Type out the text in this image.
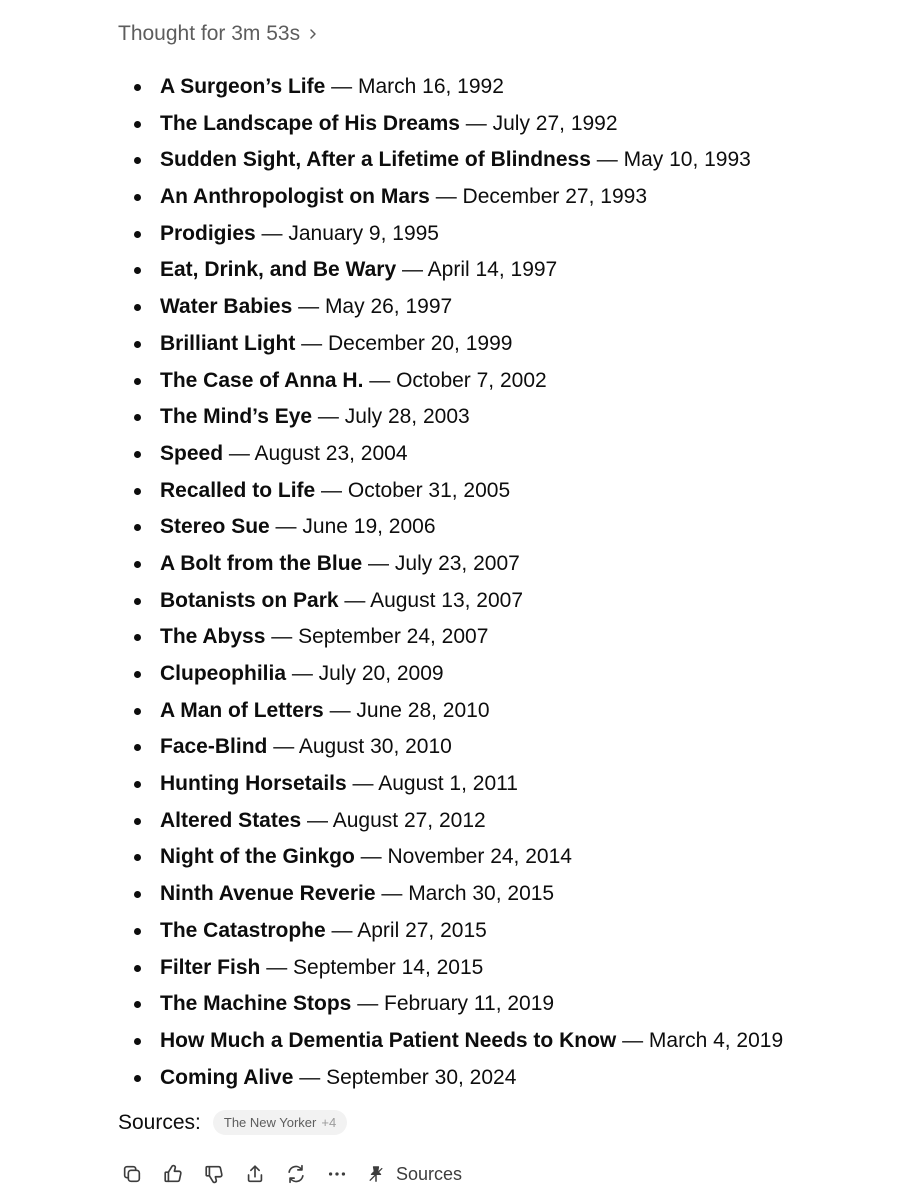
Thought for 3m 53s
A Surgeon’s Life — March 16, 1992
The Landscape of His Dreams — July 27, 1992
Sudden Sight, After a Lifetime of Blindness — May 10, 1993
An Anthropologist on Mars — December 27, 1993
Prodigies — January 9, 1995
Eat, Drink, and Be Wary — April 14, 1997
Water Babies — May 26, 1997
Brilliant Light — December 20, 1999
The Case of Anna H. — October 7, 2002
The Mind’s Eye — July 28, 2003
Speed — August 23, 2004
Recalled to Life — October 31, 2005
Stereo Sue — June 19, 2006
A Bolt from the Blue — July 23, 2007
Botanists on Park — August 13, 2007
The Abyss — September 24, 2007
Clupeophilia — July 20, 2009
A Man of Letters — June 28, 2010
Face-Blind — August 30, 2010
Hunting Horsetails — August 1, 2011
Altered States — August 27, 2012
Night of the Ginkgo — November 24, 2014
Ninth Avenue Reverie — March 30, 2015
The Catastrophe — April 27, 2015
Filter Fish — September 14, 2015
The Machine Stops — February 11, 2019
How Much a Dementia Patient Needs to Know — March 4, 2019
Coming Alive — September 30, 2024
Sources: The New Yorker +4
Sources
